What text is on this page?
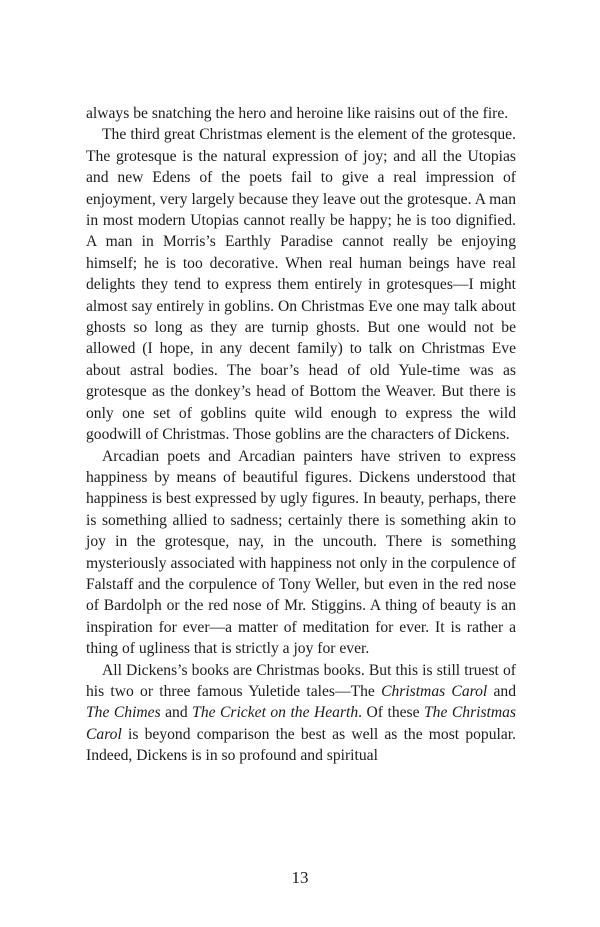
always be snatching the hero and heroine like raisins out of the fire.

The third great Christmas element is the element of the grotesque. The grotesque is the natural expression of joy; and all the Utopias and new Edens of the poets fail to give a real impression of enjoyment, very largely because they leave out the grotesque. A man in most modern Utopias cannot really be happy; he is too dignified. A man in Morris’s Earthly Paradise cannot really be enjoying himself; he is too decorative. When real human beings have real delights they tend to express them entirely in grotesques—I might almost say entirely in goblins. On Christmas Eve one may talk about ghosts so long as they are turnip ghosts. But one would not be allowed (I hope, in any decent family) to talk on Christmas Eve about astral bodies. The boar’s head of old Yule-time was as grotesque as the donkey’s head of Bottom the Weaver. But there is only one set of goblins quite wild enough to express the wild goodwill of Christmas. Those goblins are the characters of Dickens.

Arcadian poets and Arcadian painters have striven to express happiness by means of beautiful figures. Dickens understood that happiness is best expressed by ugly figures. In beauty, perhaps, there is something allied to sadness; certainly there is something akin to joy in the grotesque, nay, in the uncouth. There is something mysteriously associated with happiness not only in the corpulence of Falstaff and the corpulence of Tony Weller, but even in the red nose of Bardolph or the red nose of Mr. Stiggins. A thing of beauty is an inspiration for ever—a matter of meditation for ever. It is rather a thing of ugliness that is strictly a joy for ever.

All Dickens’s books are Christmas books. But this is still truest of his two or three famous Yuletide tales—The Christmas Carol and The Chimes and The Cricket on the Hearth. Of these The Christmas Carol is beyond comparison the best as well as the most popular. Indeed, Dickens is in so profound and spiritual

13
